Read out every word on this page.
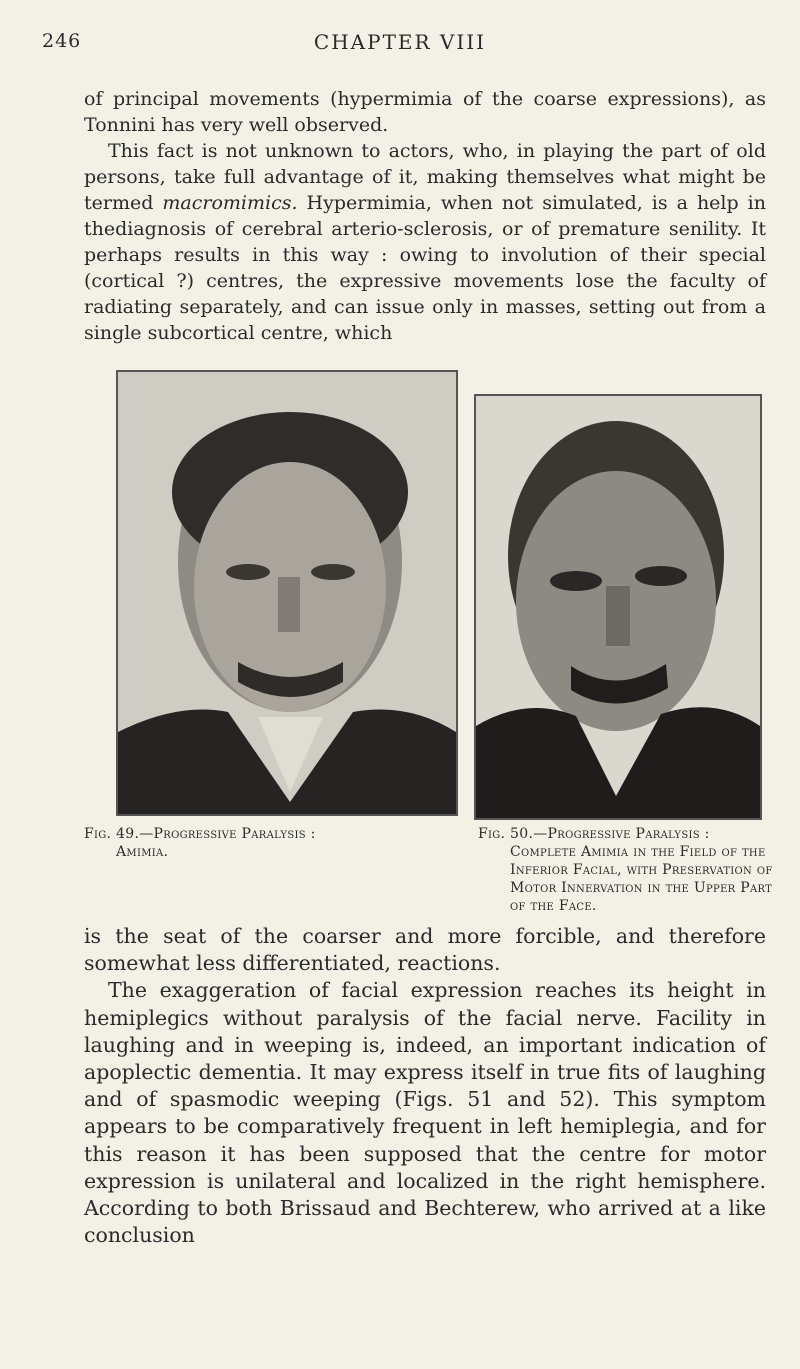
246	CHAPTER VIII

of principal movements (hypermimia of the coarse expressions), as Tonnini has very well observed.

This fact is not unknown to actors, who, in playing the part of old persons, take full advantage of it, making themselves what might be termed macromimics. Hypermimia, when not simulated, is a help in thediagnosis of cerebral arterio-sclerosis, or of premature senility. It perhaps results in this way : owing to involution of their special (cortical ?) centres, the expressive movements lose the faculty of radiating separately, and can issue only in masses, setting out from a single subcortical centre, which

Fig. 49.—Progressive Paralysis :
Amimia.
Fig. 50.—Progressive Paralysis :
Complete Amimia in the Field of the Inferior Facial, with Preservation of Motor Innervation in the Upper Part of the Face.

is the seat of the coarser and more forcible, and therefore somewhat less differentiated, reactions.

The exaggeration of facial expression reaches its height in hemiplegics without paralysis of the facial nerve. Facility in laughing and in weeping is, indeed, an important indication of apoplectic dementia. It may express itself in true fits of laughing and of spasmodic weeping (Figs. 51 and 52). This symptom appears to be comparatively frequent in left hemiplegia, and for this reason it has been supposed that the centre for motor expression is unilateral and localized in the right hemisphere. According to both Brissaud and Bechterew, who arrived at a like conclusion
